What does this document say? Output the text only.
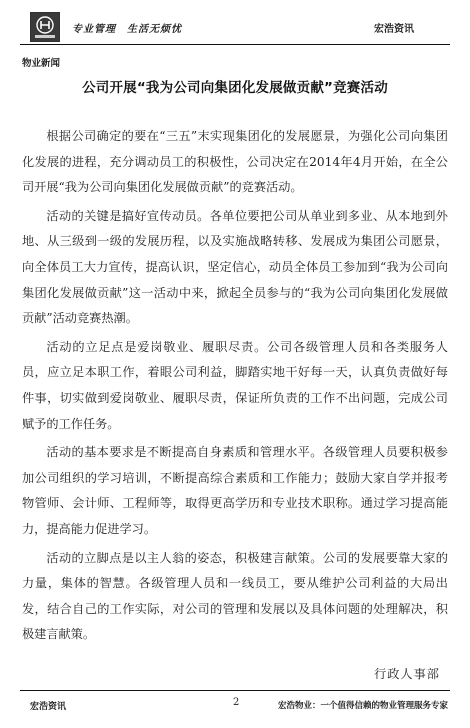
专业管理　生活无烦忧	宏浩资讯
物业新闻
公司开展“我为公司向集团化发展做贡献”竞赛活动

根据公司确定的要在“三五”末实现集团化的发展愿景，为强化公司向集团化发展的进程，充分调动员工的积极性，公司决定在2014年4月开始，在全公司开展“我为公司向集团化发展做贡献”的竞赛活动。

活动的关键是搞好宣传动员。各单位要把公司从单业到多业、从本地到外地、从三级到一级的发展历程，以及实施战略转移、发展成为集团公司愿景，向全体员工大力宣传，提高认识，坚定信心，动员全体员工参加到“我为公司向集团化发展做贡献”这一活动中来，掀起全员参与的“我为公司向集团化发展做贡献”活动竞赛热潮。

活动的立足点是爱岗敬业、履职尽责。公司各级管理人员和各类服务人员，应立足本职工作，着眼公司利益，脚踏实地干好每一天，认真负责做好每件事，切实做到爱岗敬业、履职尽责，保证所负责的工作不出问题，完成公司赋予的工作任务。

活动的基本要求是不断提高自身素质和管理水平。各级管理人员要积极参加公司组织的学习培训，不断提高综合素质和工作能力；鼓励大家自学并报考物管师、会计师、工程师等，取得更高学历和专业技术职称。通过学习提高能力，提高能力促进学习。

活动的立脚点是以主人翁的姿态，积极建言献策。公司的发展要靠大家的力量，集体的智慧。各级管理人员和一线员工，要从维护公司利益的大局出发，结合自己的工作实际，对公司的管理和发展以及具体问题的处理解决，积极建言献策。

行政人事部
宏浩资讯	2	宏浩物业：一个值得信赖的物业管理服务专家
